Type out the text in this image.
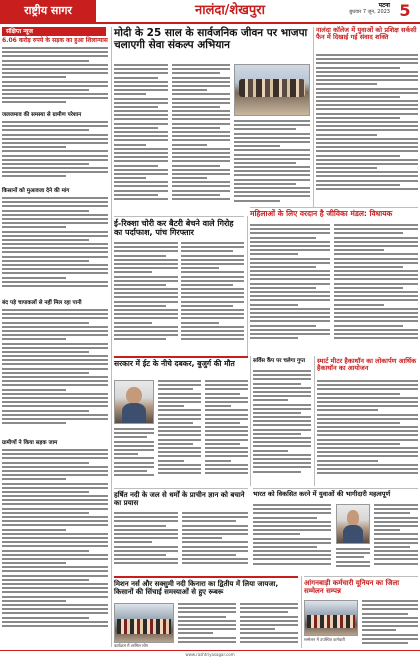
राष्ट्रीय सागर	नालंदा/शेखपुरा	पटना
बुधवार 7 जून, 2023 5
संक्षिप्त न्यूज
6.06 करोड़ रुपये के सड़क का हुआ शिलान्यास
जलजमाव की समस्या से ग्रामीण परेशान
किसानों को मुआवजा देने की मांग
बंद पड़े चापाकलों से नहीं मिल रहा पानी
ग्रामीणों ने किया सड़क जाम
मोदी के 25 साल के सार्वजनिक जीवन पर भाजपा चलाएगी सेवा संकल्प अभियान
नालंदा कॉलेज में युवाओं को प्रशिक्ष सर्कसी फैन में दिखाई गई संवाद शक्ति
ई-रिक्शा चोरी कर बैटरी बेचने वाले गिरोह का पर्दाफाश, पांच गिरफ्तार
महिलाओं के लिए वरदान है जीविका मंडल: विधायक
सरकार में ईट के नीचे दबकर, बुजुर्ग की मौत	सर्विस कैंप पर चलेगा गुप्त	स्मार्ट मीटर हैकाथॉन का लोकार्पण आर्थिक हैकाथॉन का आयोजन
हर्षित नदी के जल से धर्मों के प्राचीन ज्ञान को बचाने का प्रयास
भारत को विकसित करने में युवाओं की भागीदारी महत्वपूर्ण
मिशन नर्स और सक्सुमी नदी किनारा का द्वितीय में लिया जायजा, किसानों की सिंचाई समस्याओं से हुए रूबरू
कार्यक्रम में शामिल लोग
आंगनबाड़ी कर्मचारी यूनियन का जिला सम्मेलन सम्पन्न
सम्मेलन में उपस्थित कर्मचारी
www.rashtriyasagar.com
